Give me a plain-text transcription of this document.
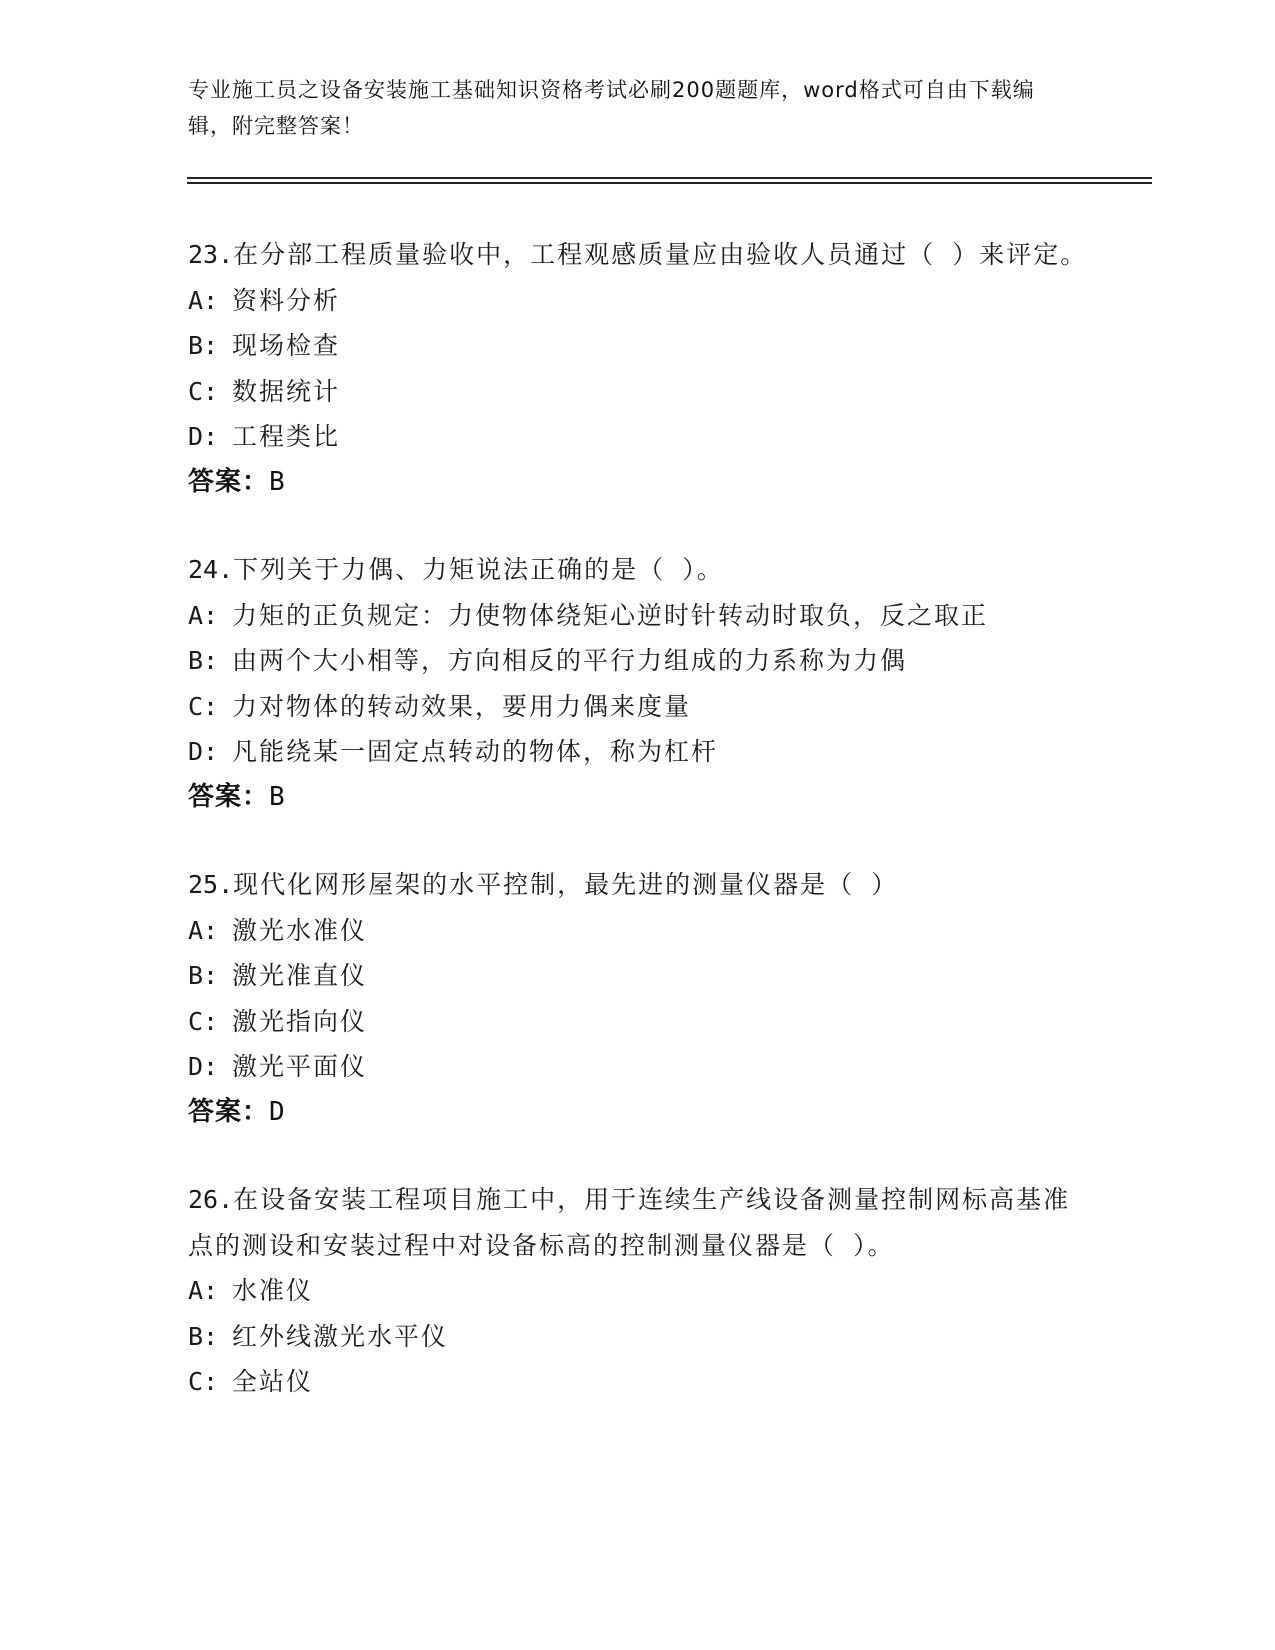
专业施工员之设备安装施工基础知识资格考试必刷200题题库，word格式可自由下载编辑，附完整答案！
23.在分部工程质量验收中，工程观感质量应由验收人员通过（ ）来评定。
A: 资料分析
B: 现场检查
C: 数据统计
D: 工程类比
答案：B
24.下列关于力偶、力矩说法正确的是（ ）。
A: 力矩的正负规定：力使物体绕矩心逆时针转动时取负，反之取正
B: 由两个大小相等，方向相反的平行力组成的力系称为力偶
C: 力对物体的转动效果，要用力偶来度量
D: 凡能绕某一固定点转动的物体，称为杠杆
答案：B
25.现代化网形屋架的水平控制，最先进的测量仪器是（ ）
A: 激光水准仪
B: 激光准直仪
C: 激光指向仪
D: 激光平面仪
答案：D
26.在设备安装工程项目施工中，用于连续生产线设备测量控制网标高基准点的测设和安装过程中对设备标高的控制测量仪器是（ ）。
A: 水准仪
B: 红外线激光水平仪
C: 全站仪
